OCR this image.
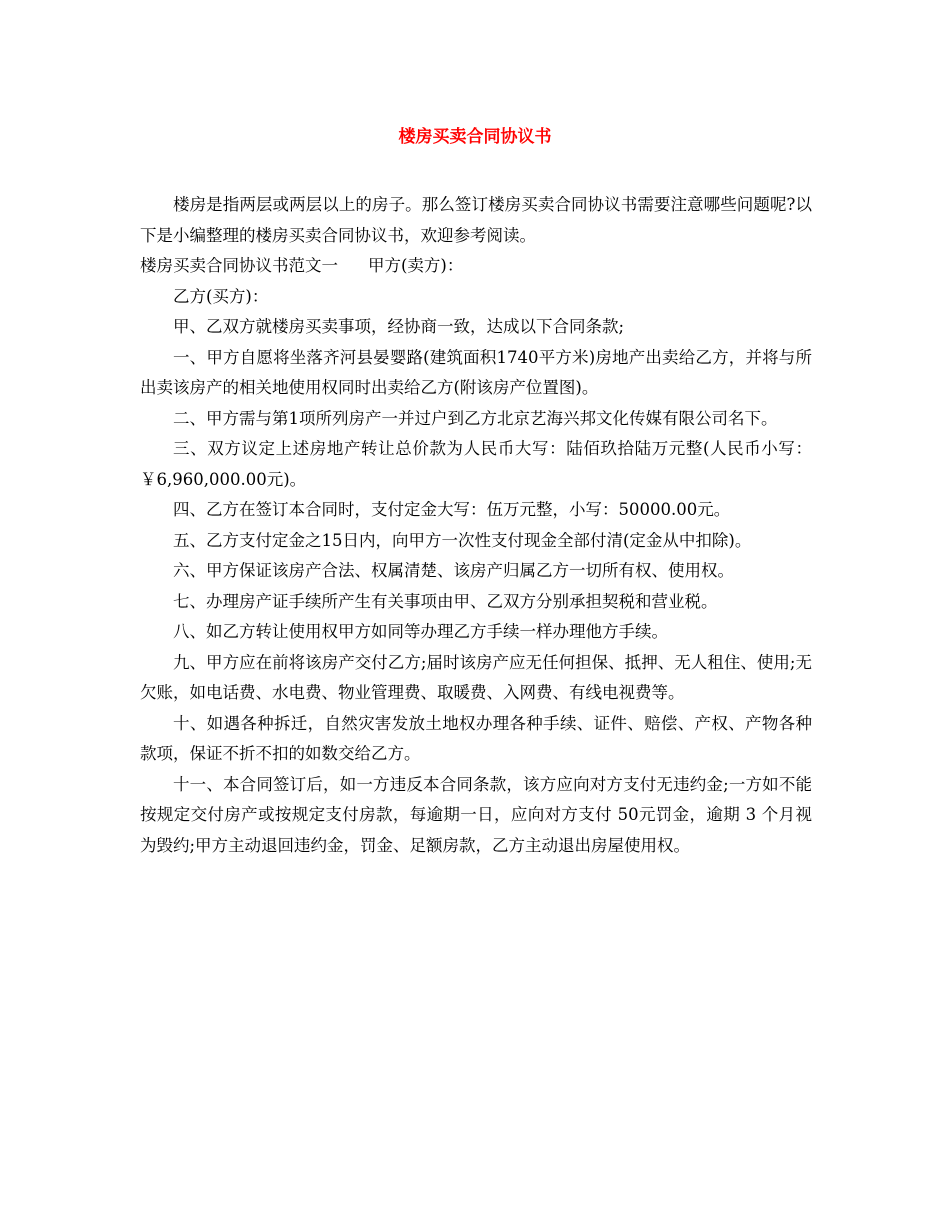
楼房买卖合同协议书

楼房是指两层或两层以上的房子。那么签订楼房买卖合同协议书需要注意哪些问题呢?以下是小编整理的楼房买卖合同协议书，欢迎参考阅读。

楼房买卖合同协议书范文一 甲方(卖方)：

乙方(买方)：

甲、乙双方就楼房买卖事项，经协商一致，达成以下合同条款;

一、甲方自愿将坐落齐河县晏婴路(建筑面积1740平方米)房地产出卖给乙方，并将与所出卖该房产的相关地使用权同时出卖给乙方(附该房产位置图)。

二、甲方需与第1项所列房产一并过户到乙方北京艺海兴邦文化传媒有限公司名下。

三、双方议定上述房地产转让总价款为人民币大写：陆佰玖拾陆万元整(人民币小写：￥6,960,000.00元)。

四、乙方在签订本合同时，支付定金大写：伍万元整，小写：50000.00元。

五、乙方支付定金之15日内，向甲方一次性支付现金全部付清(定金从中扣除)。

六、甲方保证该房产合法、权属清楚、该房产归属乙方一切所有权、使用权。

七、办理房产证手续所产生有关事项由甲、乙双方分别承担契税和营业税。

八、如乙方转让使用权甲方如同等办理乙方手续一样办理他方手续。

九、甲方应在前将该房产交付乙方;届时该房产应无任何担保、抵押、无人租住、使用;无欠账，如电话费、水电费、物业管理费、取暖费、入网费、有线电视费等。

十、如遇各种拆迁，自然灾害发放土地权办理各种手续、证件、赔偿、产权、产物各种款项，保证不折不扣的如数交给乙方。

十一、本合同签订后，如一方违反本合同条款，该方应向对方支付无违约金;一方如不能按规定交付房产或按规定支付房款，每逾期一日，应向对方支付 50元罚金，逾期 3 个月视为毁约;甲方主动退回违约金，罚金、足额房款，乙方主动退出房屋使用权。
